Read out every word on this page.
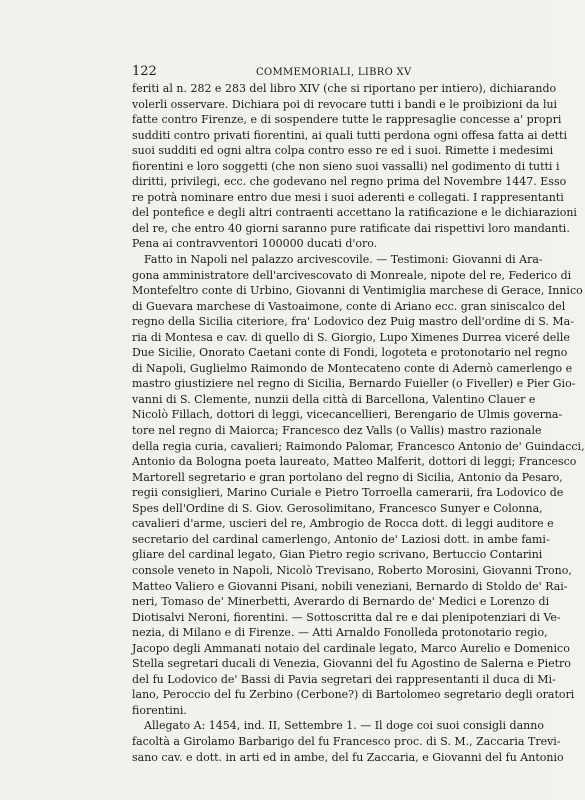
122	COMMEMORIALI, LIBRO XV
feriti al n. 282 e 283 del libro XIV (che si riportano per intiero), dichiarando
volerli osservare. Dichiara poi di revocare tutti i bandi e le proibizioni da lui
fatte contro Firenze, e di sospendere tutte le rappresaglie concesse a' propri
sudditi contro privati fiorentini, ai quali tutti perdona ogni offesa fatta ai detti
suoi sudditi ed ogni altra colpa contro esso re ed i suoi. Rimette i medesimi
fiorentini e loro soggetti (che non sieno suoi vassalli) nel godimento di tutti i
diritti, privilegi, ecc. che godevano nel regno prima del Novembre 1447. Esso
re potrà nominare entro due mesi i suoi aderenti e collegati. I rappresentanti
del pontefice e degli altri contraenti accettano la ratificazione e le dichiarazioni
del re, che entro 40 giorni saranno pure ratificate dai rispettivi loro mandanti.
Pena ai contravventori 100000 ducati d'oro.
Fatto in Napoli nel palazzo arcivescovile. — Testimoni: Giovanni di Ara-
gona amministratore dell'arcivescovato di Monreale, nipote del re, Federico di
Montefeltro conte di Urbino, Giovanni di Ventimiglia marchese di Gerace, Innico
di Guevara marchese di Vastoaimone, conte di Ariano ecc. gran siniscalco del
regno della Sicilia citeriore, fra' Lodovico dez Puig mastro dell'ordine di S. Ma-
ria di Montesa e cav. di quello di S. Giorgio, Lupo Ximenes Durrea viceré delle
Due Sicilie, Onorato Caetani conte di Fondi, logoteta e protonotario nel regno
di Napoli, Guglielmo Raimondo de Montecateno conte di Adernò camerlengo e
mastro giustiziere nel regno di Sicilia, Bernardo Fuieller (o Fiveller) e Pier Gio-
vanni di S. Clemente, nunzii della città di Barcellona, Valentino Clauer e
Nicolò Fillach, dottori di leggi, vicecancellieri, Berengario de Ulmis governa-
tore nel regno di Maiorca; Francesco dez Valls (o Vallis) mastro razionale
della regia curia, cavalieri; Raimondo Palomar, Francesco Antonio de' Guindacci,
Antonio da Bologna poeta laureato, Matteo Malferit, dottori di leggi; Francesco
Martorell segretario e gran portolano del regno di Sicilia, Antonio da Pesaro,
regii consiglieri, Marino Curiale e Pietro Torroella camerarii, fra Lodovico de
Spes dell'Ordine di S. Giov. Gerosolimitano, Francesco Sunyer e Colonna,
cavalieri d'arme, uscieri del re, Ambrogio de Rocca dott. di leggi auditore e
secretario del cardinal camerlengo, Antonio de' Laziosi dott. in ambe fami-
gliare del cardinal legato, Gian Pietro regio scrivano, Bertuccio Contarini
console veneto in Napoli, Nicolò Trevisano, Roberto Morosini, Giovanni Trono,
Matteo Valiero e Giovanni Pisani, nobili veneziani, Bernardo di Stoldo de' Rai-
neri, Tomaso de' Minerbetti, Averardo di Bernardo de' Medici e Lorenzo di
Diotisalvi Neroni, fiorentini. — Sottoscritta dal re e dai plenipotenziari di Ve-
nezia, di Milano e di Firenze. — Atti Arnaldo Fonolleda protonotario regio,
Jacopo degli Ammanati notaio del cardinale legato, Marco Aurelio e Domenico
Stella segretari ducali di Venezia, Giovanni del fu Agostino de Salerna e Pietro
del fu Lodovico de' Bassi di Pavia segretari dei rappresentanti il duca di Mi-
lano, Peroccio del fu Zerbino (Cerbone?) di Bartolomeo segretario degli oratori
fiorentini.
Allegato A: 1454, ind. II, Settembre 1. — Il doge coi suoi consigli danno
facoltà a Girolamo Barbarigo del fu Francesco proc. di S. M., Zaccaria Trevi-
sano cav. e dott. in arti ed in ambe, del fu Zaccaria, e Giovanni del fu Antonio
